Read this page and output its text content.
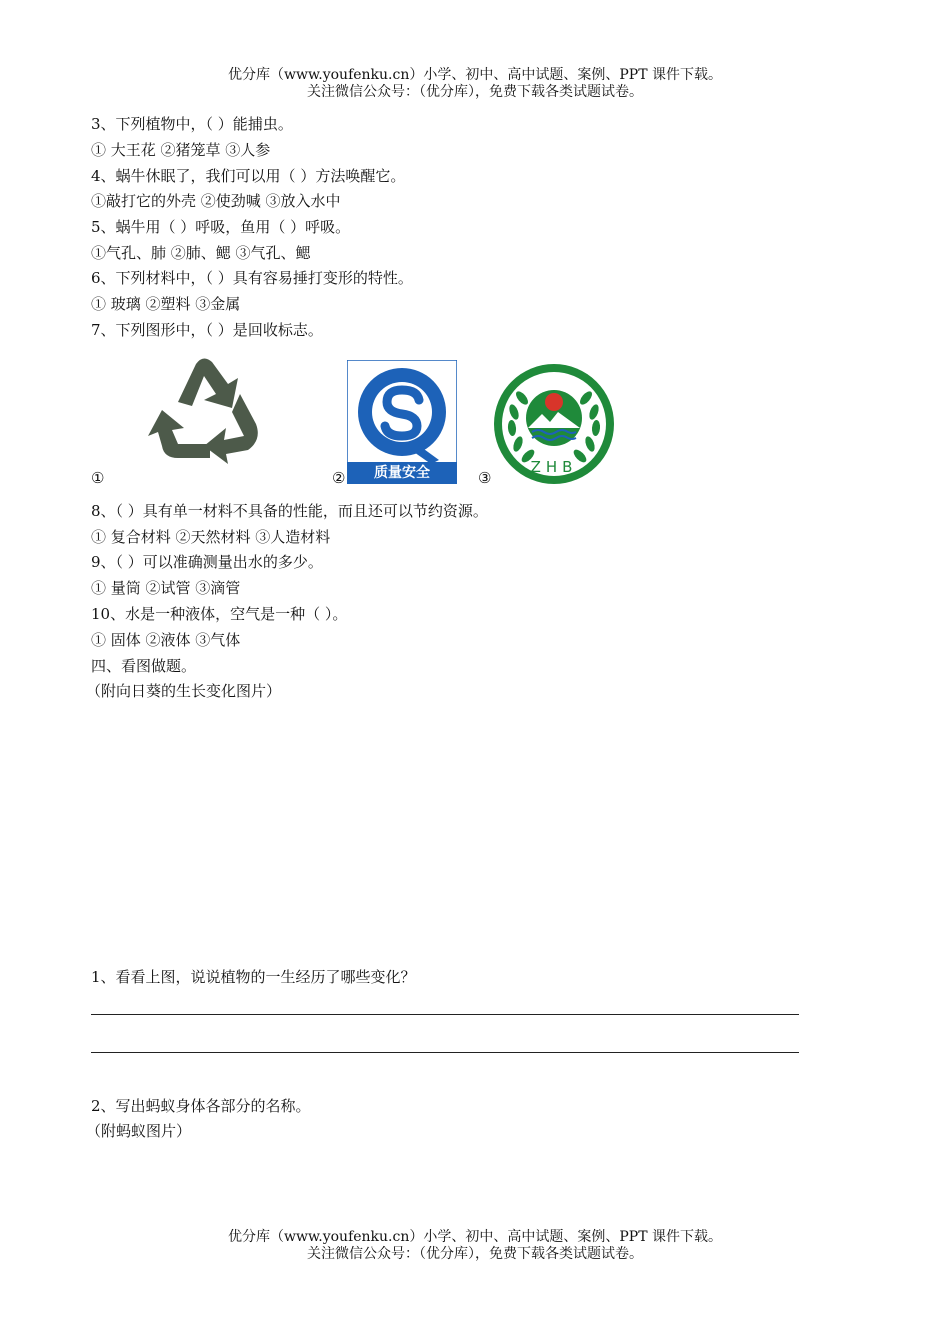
优分库（www.youfenku.cn）小学、初中、高中试题、案例、PPT 课件下载。
关注微信公众号：（优分库），免费下载各类试题试卷。
3、下列植物中，（ ）能捕虫。
① 大王花 ②猪笼草 ③人参
4、蜗牛休眠了，我们可以用（ ）方法唤醒它。
①敲打它的外壳 ②使劲喊 ③放入水中
5、蜗牛用（ ）呼吸，鱼用（ ）呼吸。
①气孔、肺 ②肺、鳃 ③气孔、鳃
6、下列材料中，（ ）具有容易捶打变形的特性。
① 玻璃 ②塑料 ③金属
7、下列图形中，（ ）是回收标志。
①	②	质量安全	③
ZHB
8、（ ）具有单一材料不具备的性能，而且还可以节约资源。
① 复合材料 ②天然材料 ③人造材料
9、（ ）可以准确测量出水的多少。
① 量筒 ②试管 ③滴管
10、水是一种液体，空气是一种（ ）。
① 固体 ②液体 ③气体
四、看图做题。
（附向日葵的生长变化图片）
1、看看上图，说说植物的一生经历了哪些变化？
2、写出蚂蚁身体各部分的名称。
（附蚂蚁图片）
优分库（www.youfenku.cn）小学、初中、高中试题、案例、PPT 课件下载。
关注微信公众号：（优分库），免费下载各类试题试卷。
